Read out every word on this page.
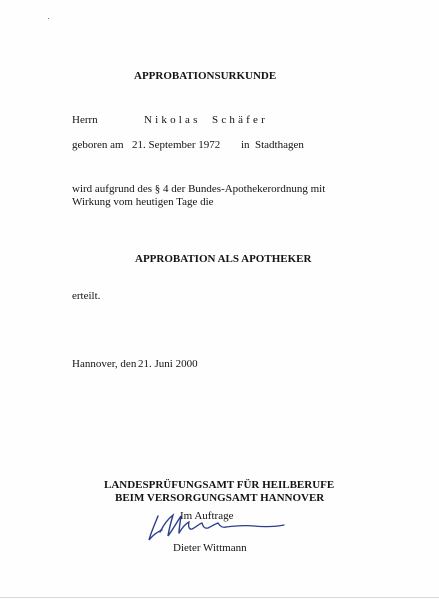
APPROBATIONSURKUNDE
Herrn	Nikolas Schäfer
geboren am 21. September 1972 in Stadthagen
wird aufgrund des § 4 der Bundes-Apothekerordnung mit
Wirkung vom heutigen Tage die
APPROBATION ALS APOTHEKER
erteilt.
Hannover, den 21. Juni 2000
LANDESPRÜFUNGSAMT FÜR HEILBERUFE
BEIM VERSORGUNGSAMT HANNOVER
Im Auftrage
Dieter Wittmann
